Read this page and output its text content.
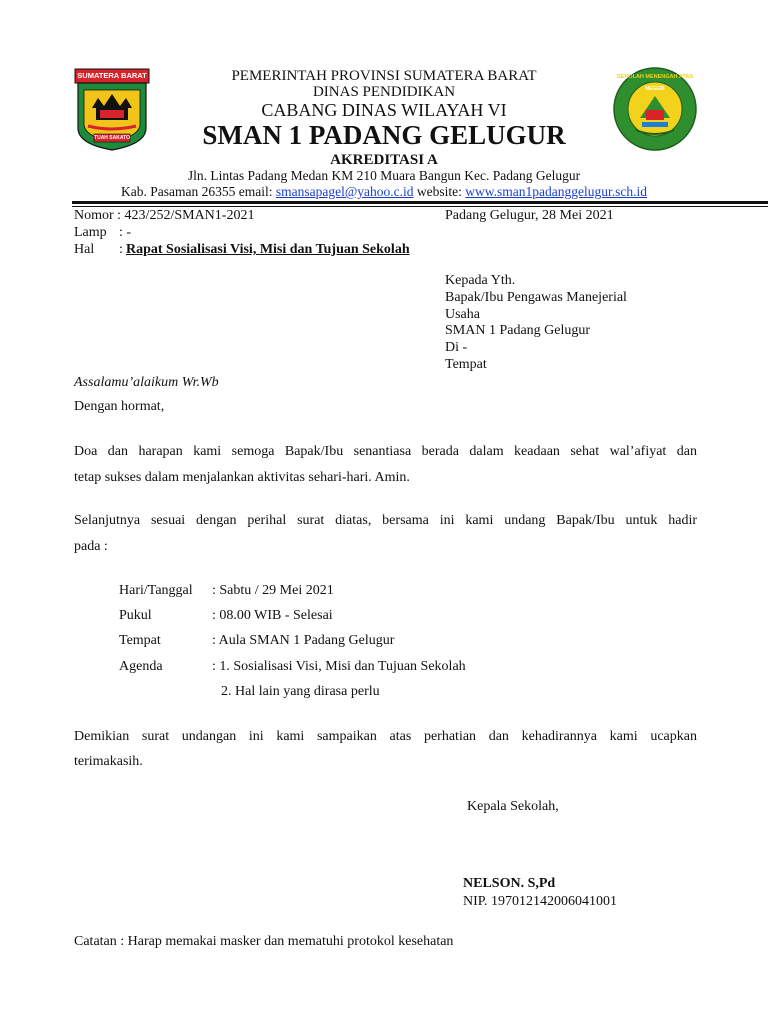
SUMATERA BARAT
TUAH SAKATO
SEKOLAH MENENGAH ATAS
NEGERI
PEMERINTAH PROVINSI SUMATERA BARAT
DINAS PENDIDIKAN
CABANG DINAS WILAYAH VI
SMAN 1 PADANG GELUGUR
AKREDITASI A
Jln. Lintas Padang Medan KM 210 Muara Bangun Kec. Padang Gelugur
Kab. Pasaman 26355 email: smansapagel@yahoo.c.id website: www.sman1padanggelugur.sch.id
Nomor : 423/252/SMAN1-2021	Padang Gelugur, 28 Mei 2021
Lamp : -
Hal : Rapat Sosialisasi Visi, Misi dan Tujuan Sekolah
Kepada Yth.
Bapak/Ibu Pengawas Manejerial
Usaha
SMAN 1 Padang Gelugur
Di -
Tempat
Assalamu’alaikum Wr.Wb
Dengan hormat,
Doa dan harapan kami semoga Bapak/Ibu senantiasa berada dalam keadaan sehat wal’afiyat dan
tetap sukses dalam menjalankan aktivitas sehari-hari. Amin.
Selanjutnya sesuai dengan perihal surat diatas, bersama ini kami undang Bapak/Ibu untuk hadir
pada :
Hari/Tanggal : Sabtu / 29 Mei 2021
Pukul	: 08.00 WIB - Selesai
Tempat	: Aula SMAN 1 Padang Gelugur
Agenda	: 1. Sosialisasi Visi, Misi dan Tujuan Sekolah
2. Hal lain yang dirasa perlu
Demikian surat undangan ini kami sampaikan atas perhatian dan kehadirannya kami ucapkan
terimakasih.
Kepala Sekolah,
NELSON. S,Pd
NIP. 197012142006041001
Catatan : Harap memakai masker dan mematuhi protokol kesehatan
